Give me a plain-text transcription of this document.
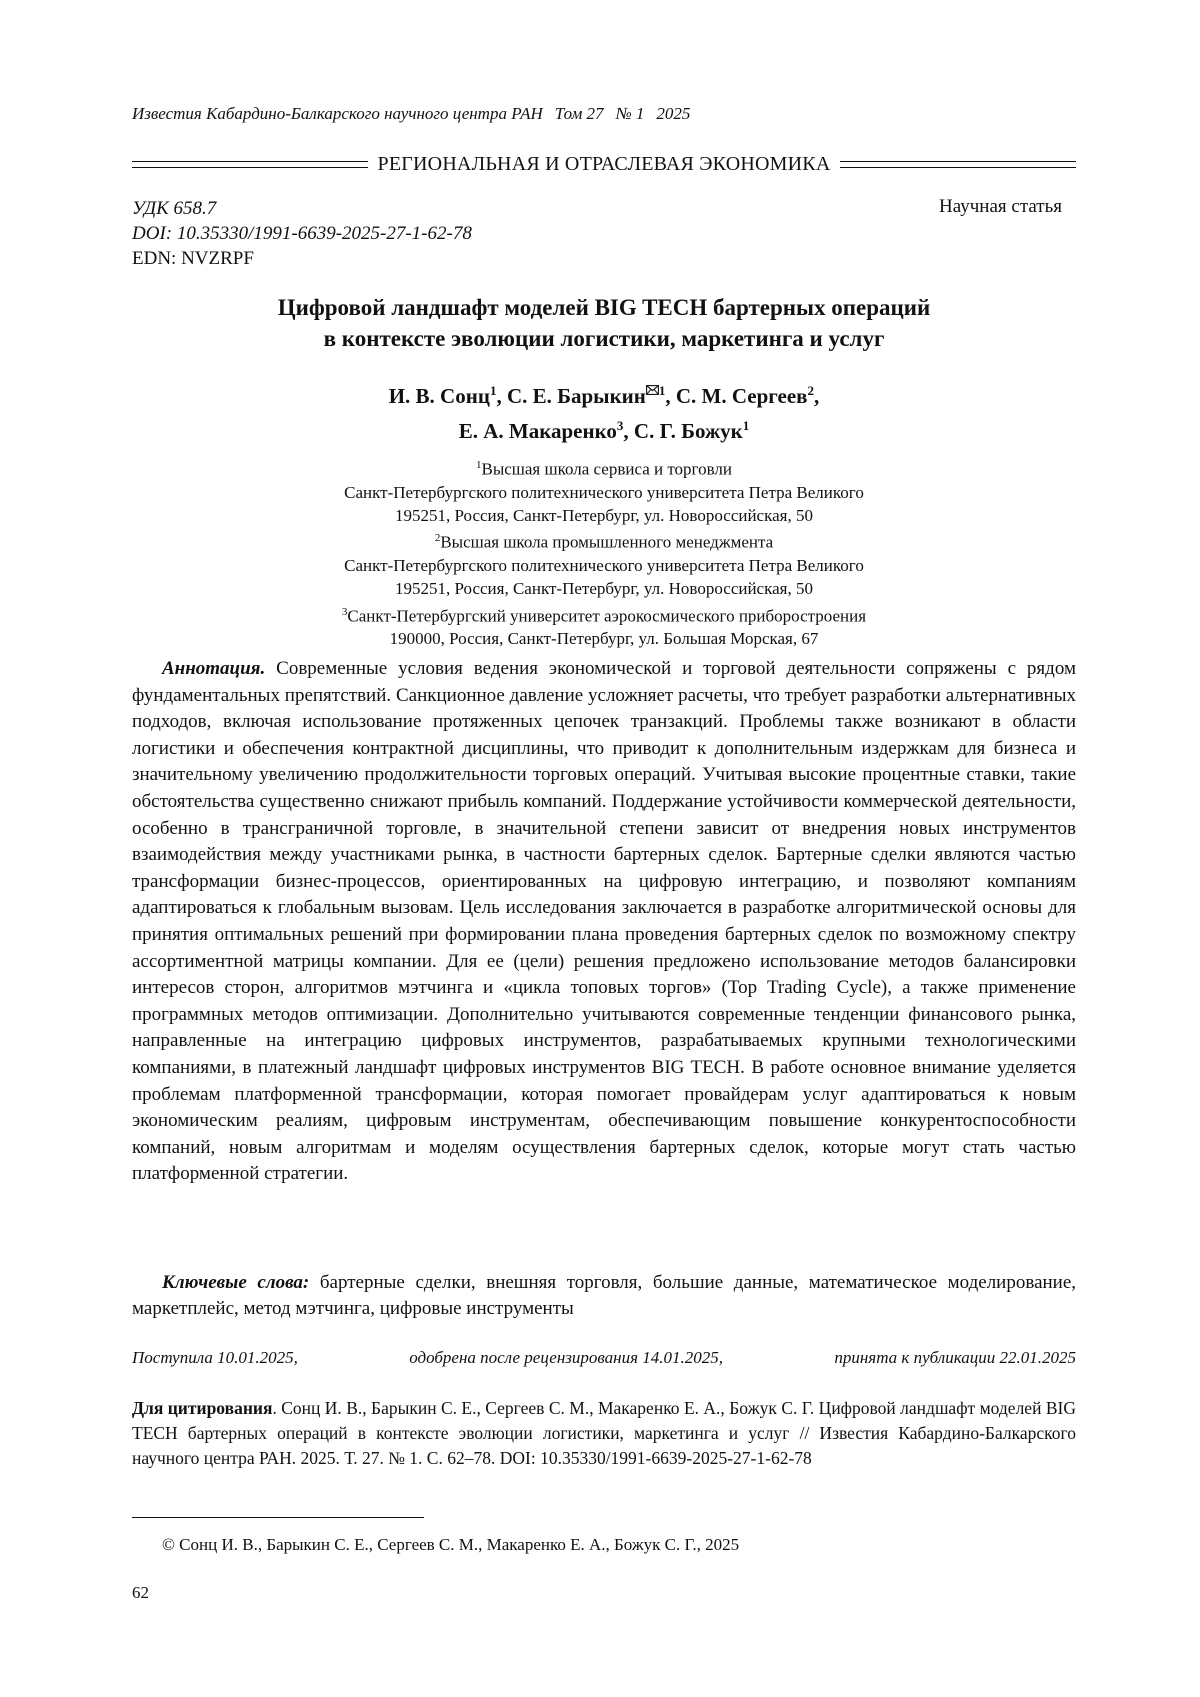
Известия Кабардино-Балкарского научного центра РАН Том 27 № 1 2025
РЕГИОНАЛЬНАЯ И ОТРАСЛЕВАЯ ЭКОНОМИКА
УДК 658.7
DOI: 10.35330/1991-6639-2025-27-1-62-78
EDN: NVZRPF
Научная статья
Цифровой ландшафт моделей BIG TECH бартерных операций
в контексте эволюции логистики, маркетинга и услуг
И. В. Сонц1, С. Е. Барыкин 1, С. М. Сергеев2,
Е. А. Макаренко3, С. Г. Божук1
1Высшая школа сервиса и торговли
Санкт-Петербургского политехнического университета Петра Великого
195251, Россия, Санкт-Петербург, ул. Новороссийская, 50
2Высшая школа промышленного менеджмента
Санкт-Петербургского политехнического университета Петра Великого
195251, Россия, Санкт-Петербург, ул. Новороссийская, 50
3Санкт-Петербургский университет аэрокосмического приборостроения
190000, Россия, Санкт-Петербург, ул. Большая Морская, 67

Аннотация. Современные условия ведения экономической и торговой деятельности сопряжены с рядом фундаментальных препятствий. Санкционное давление усложняет расчеты, что требует разработки альтернативных подходов, включая использование протяженных цепочек транзакций. Проблемы также возникают в области логистики и обеспечения контрактной дисциплины, что приводит к дополнительным издержкам для бизнеса и значительному увеличению продолжительности торговых операций. Учитывая высокие процентные ставки, такие обстоятельства существенно снижают прибыль компаний. Поддержание устойчивости коммерческой деятельности, особенно в трансграничной торговле, в значительной степени зависит от внедрения новых инструментов взаимодействия между участниками рынка, в частности бартерных сделок. Бартерные сделки являются частью трансформации бизнес-процессов, ориентированных на цифровую интеграцию, и позволяют компаниям адаптироваться к глобальным вызовам. Цель исследования заключается в разработке алгоритмической основы для принятия оптимальных решений при формировании плана проведения бартерных сделок по возможному спектру ассортиментной матрицы компании. Для ее (цели) решения предложено использование методов балансировки интересов сторон, алгоритмов мэтчинга и «цикла топовых торгов» (Top Trading Cycle), а также применение программных методов оптимизации. Дополнительно учитываются современные тенденции финансового рынка, направленные на интеграцию цифровых инструментов, разрабатываемых крупными технологическими компаниями, в платежный ландшафт цифровых инструментов BIG TECH. В работе основное внимание уделяется проблемам платформенной трансформации, которая помогает провайдерам услуг адаптироваться к новым экономическим реалиям, цифровым инструментам, обеспечивающим повышение конкурентоспособности компаний, новым алгоритмам и моделям осуществления бартерных сделок, которые могут стать частью платформенной стратегии.

Ключевые слова: бартерные сделки, внешняя торговля, большие данные, математическое моделирование, маркетплейс, метод мэтчинга, цифровые инструменты

Поступила 10.01.2025,	одобрена после рецензирования 14.01.2025,	принята к публикации 22.01.2025

Для цитирования. Сонц И. В., Барыкин С. Е., Сергеев С. М., Макаренко Е. А., Божук С. Г. Цифровой ландшафт моделей BIG TECH бартерных операций в контексте эволюции логистики, маркетинга и услуг // Известия Кабардино-Балкарского научного центра РАН. 2025. Т. 27. № 1. С. 62–78. DOI: 10.35330/1991-6639-2025-27-1-62-78

© Сонц И. В., Барыкин С. Е., Сергеев С. М., Макаренко Е. А., Божук С. Г., 2025
62
